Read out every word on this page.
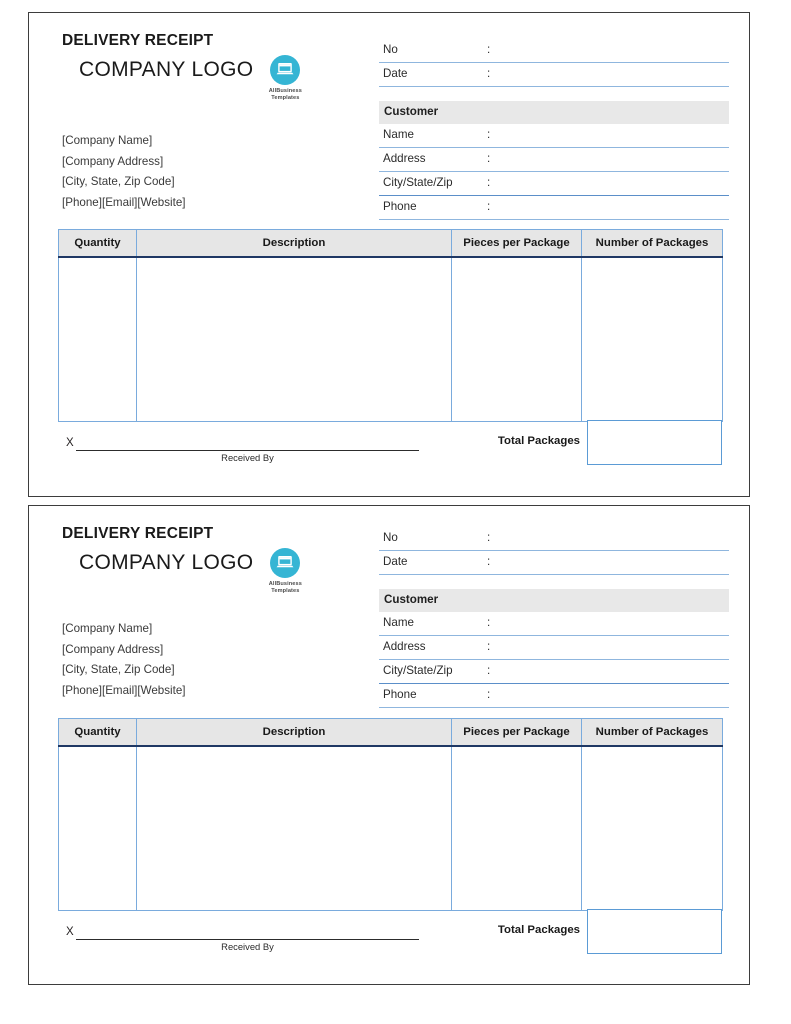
DELIVERY RECEIPT
COMPANY LOGO
AllBusiness
Templates
[Company Name]
[Company Address]
[City, State, Zip Code]
[Phone][Email][Website]
No	:
Date	:
Customer
Name	:
Address	:
City/State/Zip	:
Phone	:
Quantity	Description	Pieces per Package	Number of Packages

X
Received By
Total Packages
DELIVERY RECEIPT
COMPANY LOGO
AllBusiness
Templates
[Company Name]
[Company Address]
[City, State, Zip Code]
[Phone][Email][Website]
No	:
Date	:
Customer
Name	:
Address	:
City/State/Zip	:
Phone	:
Quantity	Description	Pieces per Package	Number of Packages

X
Received By
Total Packages
